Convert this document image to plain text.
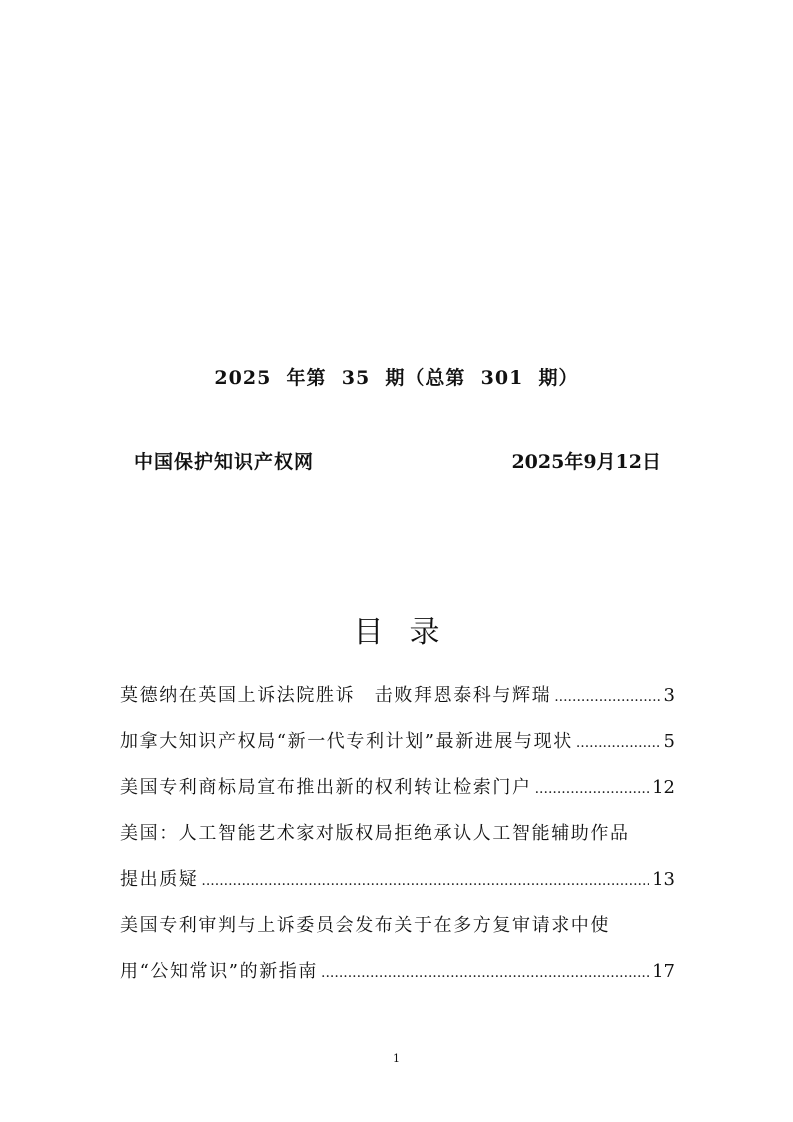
2025  年第  35  期（总第  301  期）
中国保护知识产权网	2025年9月12日
目录
莫德纳在英国上诉法院胜诉　击败拜恩泰科与辉瑞 .....	3
加拿大知识产权局“新一代专利计划”最新进展与现状 .....	5
美国专利商标局宣布推出新的权利转让检索门户 .....	12
美国：人工智能艺术家对版权局拒绝承认人工智能辅助作品
提出质疑 .....	13
美国专利审判与上诉委员会发布关于在多方复审请求中使
用“公知常识”的新指南 .....	17
1
